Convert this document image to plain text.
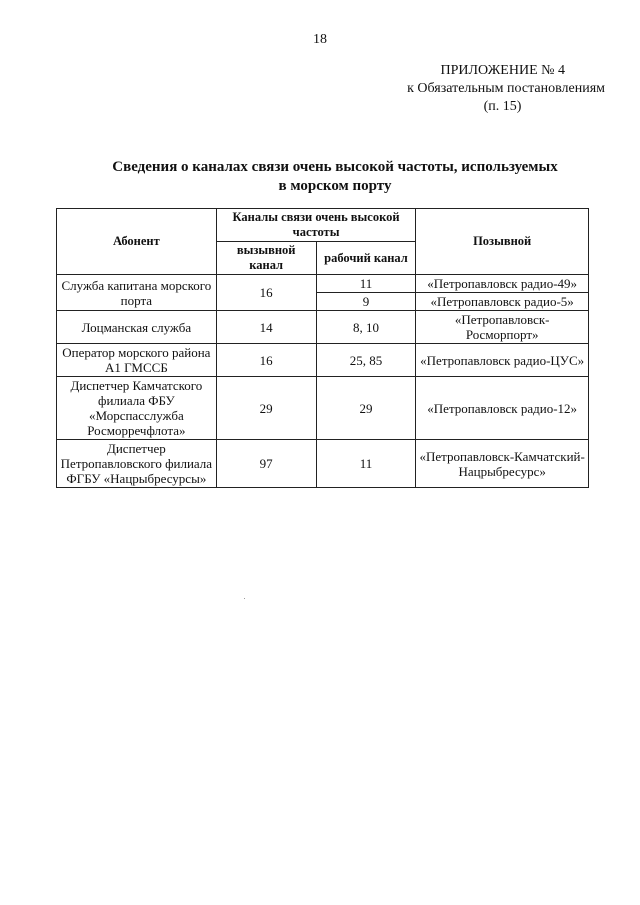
18
ПРИЛОЖЕНИЕ № 4
к Обязательным постановлениям
(п. 15)
Сведения о каналах связи очень высокой частоты, используемых
в морском порту
Абонент	Каналы связи очень высокой частоты		Позывной
	вызывной канал	рабочий канал	
Служба капитана морского порта	16	11	«Петропавловск радио-49»
		9	«Петропавловск радио-5»
Лоцманская служба	14	8, 10	«Петропавловск-Росморпорт»
Оператор морского района А1 ГМССБ	16	25, 85	«Петропавловск радио-ЦУС»
Диспетчер Камчатского филиала ФБУ «Морспасслужба Росморречфлота»	29	29	«Петропавловск радио-12»
Диспетчер Петропавловского филиала ФГБУ «Нацрыбресурсы»	97	11	«Петропавловск-Камчатский-Нацрыбресурс»
